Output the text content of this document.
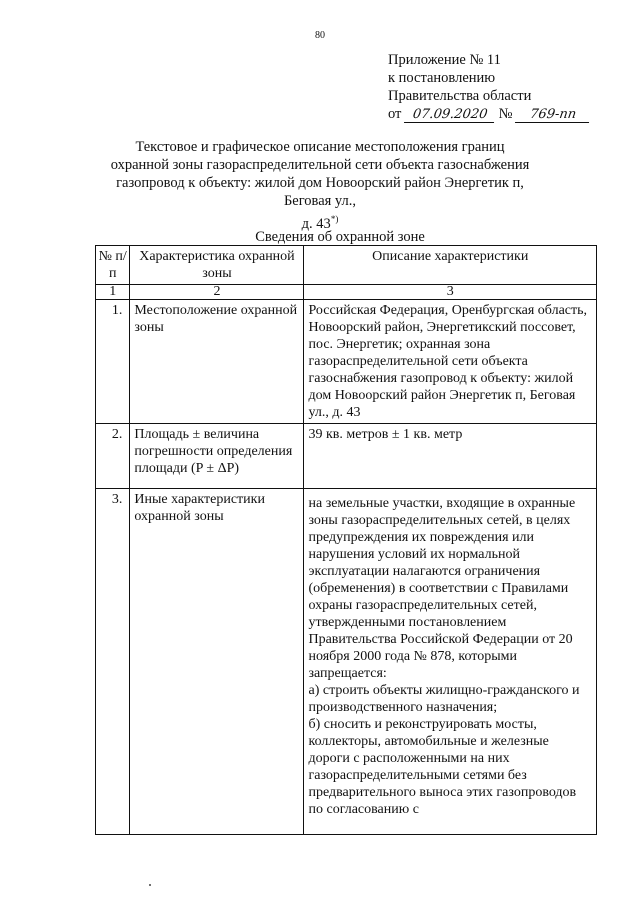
80
Приложение № 11
к постановлению
Правительства области
от 07.09.2020 № 769-пп
Текстовое и графическое описание местоположения границ
охранной зоны газораспределительной сети объекта газоснабжения
газопровод к объекту: жилой дом Новоорский район Энергетик п, Беговая ул.,
д. 43*)
Сведения об охранной зоне
№ п/п	Характеристика охранной зоны	Описание характеристики
1	2	3
1.	Местоположение охранной зоны	Российская Федерация, Оренбургская область, Новоорский район, Энергетикский поссовет, пос. Энергетик; охранная зона газораспределительной сети объекта газоснабжения газопровод к объекту: жилой дом Новоорский район Энергетик п, Беговая ул., д. 43
2.	Площадь ± величина погрешности определения площади (P ± ΔP)	39 кв. метров ± 1 кв. метр
3.	Иные характеристики охранной зоны	на земельные участки, входящие в охранные зоны газораспределительных сетей, в целях предупреждения их повреждения или нарушения условий их нормальной эксплуатации налагаются ограничения (обременения) в соответствии с Правилами охраны газораспределительных сетей, утвержденными постановлением Правительства Российской Федерации от 20 ноября 2000 года № 878, которыми запрещается:
а) строить объекты жилищно-гражданского и производственного назначения;
б) сносить и реконструировать мосты, коллекторы, автомобильные и железные дороги с расположенными на них газораспределительными сетями без предварительного выноса этих газопроводов по согласованию с
